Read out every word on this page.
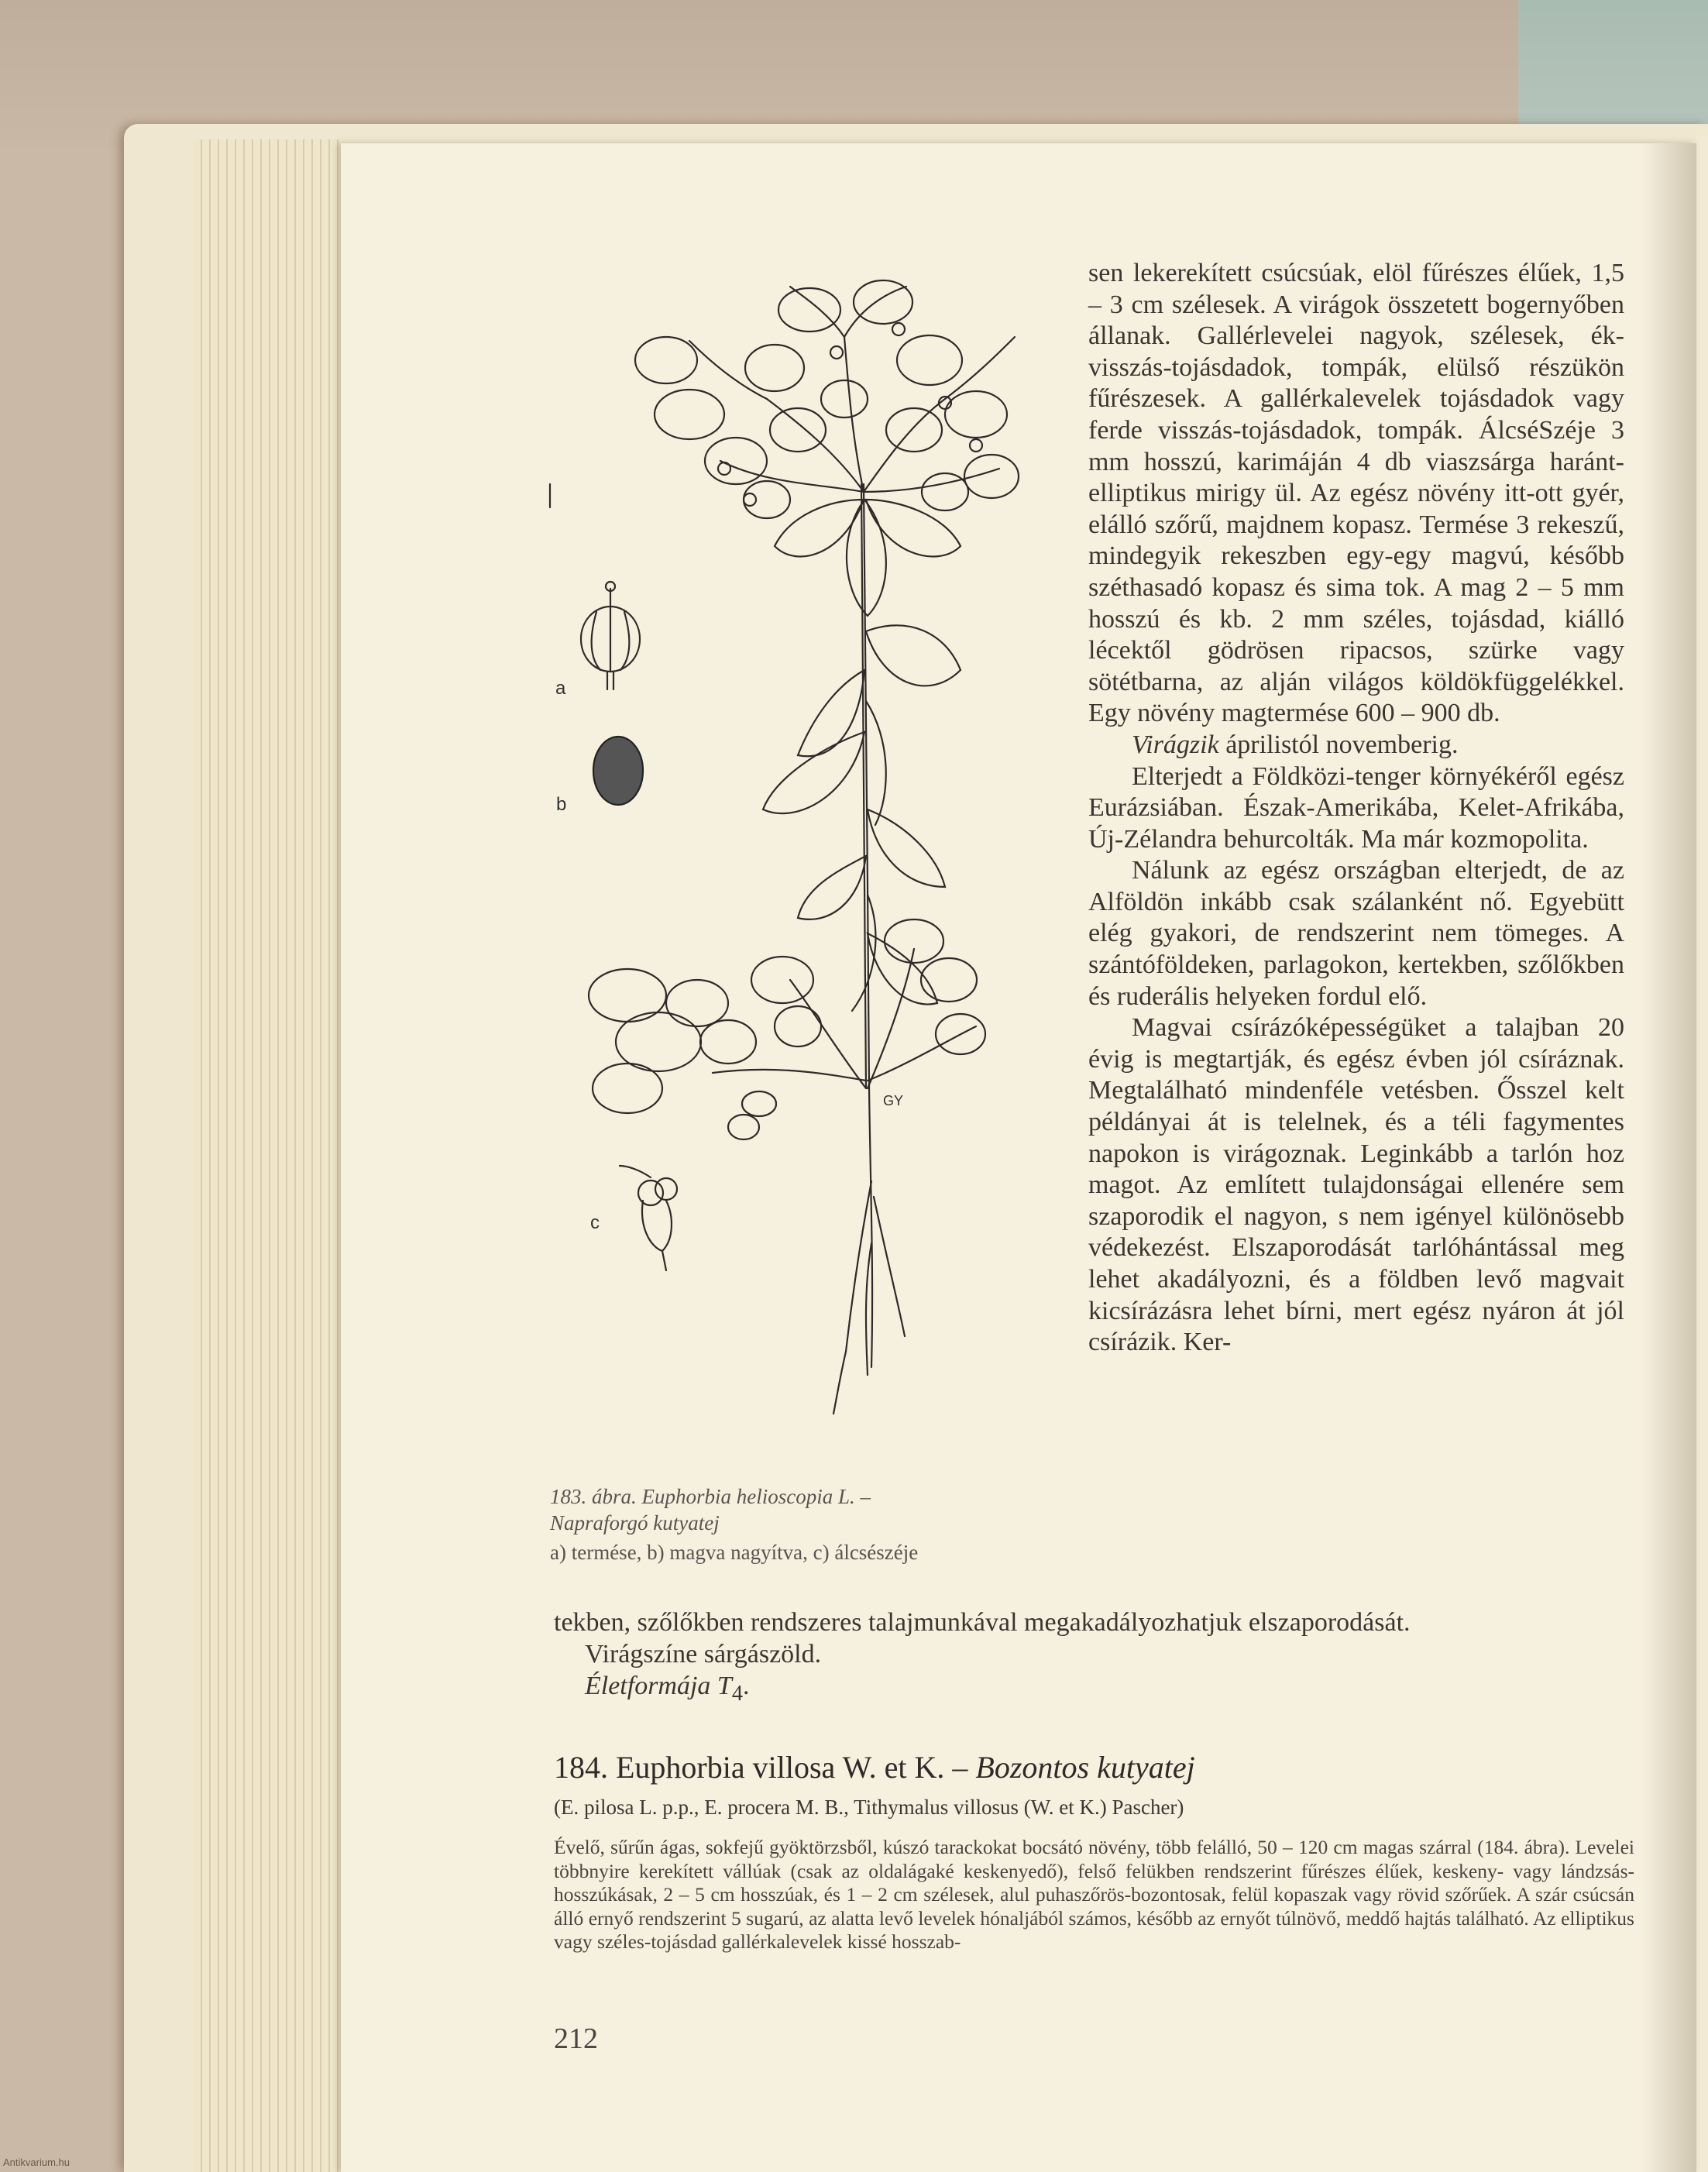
GY
a
b
c

sen lekerekített csúcsúak, elöl fűrészes élűek, 1,5 – 3 cm szélesek. A virágok összetett bogernyőben állanak. Gallérlevelei nagyok, szélesek, ék-visszás-tojásdadok, tompák, elülső részükön fűrészesek. A gallérkalevelek tojásdadok vagy ferde visszás-tojásdadok, tompák. ÁlcséSzéje 3 mm hosszú, karimáján 4 db viaszsárga haránt-elliptikus mirigy ül. Az egész növény itt-ott gyér, elálló szőrű, majdnem kopasz. Termése 3 rekeszű, mindegyik rekeszben egy-egy magvú, később széthasadó kopasz és sima tok. A mag 2 – 5 mm hosszú és kb. 2 mm széles, tojásdad, kiálló lécektől gödrösen ripacsos, szürke vagy sötétbarna, az alján világos köldökfüggelékkel. Egy növény magtermése 600 – 900 db.

Virágzik áprilistól novemberig.

Elterjedt a Földközi-tenger környékéről egész Eurázsiában. Észak-Amerikába, Kelet-Afrikába, Új-Zélandra behurcolták. Ma már kozmopolita.

Nálunk az egész országban elterjedt, de az Alföldön inkább csak szálanként nő. Egyebütt elég gyakori, de rendszerint nem tömeges. A szántóföldeken, parlagokon, kertekben, szőlőkben és ruderális helyeken fordul elő.

Magvai csírázóképességüket a talajban 20 évig is megtartják, és egész évben jól csíráznak. Megtalálható mindenféle vetésben. Ősszel kelt példányai át is telelnek, és a téli fagymentes napokon is virágoznak. Leginkább a tarlón hoz magot. Az említett tulajdonságai ellenére sem szaporodik el nagyon, s nem igényel különösebb védekezést. Elszaporodását tarlóhántással meg lehet akadályozni, és a földben levő magvait kicsírázásra lehet bírni, mert egész nyáron át jól csírázik. Ker-

tekben, szőlőkben rendszeres talajmunkával megakadályozhatjuk elszaporodását.
Virágszíne sárgászöld.
Életformája $T_4$.
183. ábra. Euphorbia helioscopia L. –
Napraforgó kutyatej
a) termése, b) magva nagyítva, c) álcsészéje
184. Euphorbia villosa W. et K. – Bozontos kutyatej
(E. pilosa L. p.p., E. procera M. B., Tithymalus villosus (W. et K.) Pascher)
Évelő, sűrűn ágas, sokfejű gyöktörzsből, kúszó tarackokat bocsátó növény, több felálló, 50 – 120 cm magas szárral (184. ábra). Levelei többnyire kerekített vállúak (csak az oldalágaké keskenyedő), felső felükben rendszerint fűrészes élűek, keskeny- vagy lándzsás-hosszúkásak, 2 – 5 cm hosszúak, és 1 – 2 cm szélesek, alul puhaszőrös-bozontosak, felül kopaszak vagy rövid szőrűek. A szár csúcsán álló ernyő rendszerint 5 sugarú, az alatta levő levelek hónaljából számos, később az ernyőt túlnövő, meddő hajtás található. Az elliptikus vagy széles-tojásdad gallérkalevelek kissé hosszab-
212
Antikvarium.hu
